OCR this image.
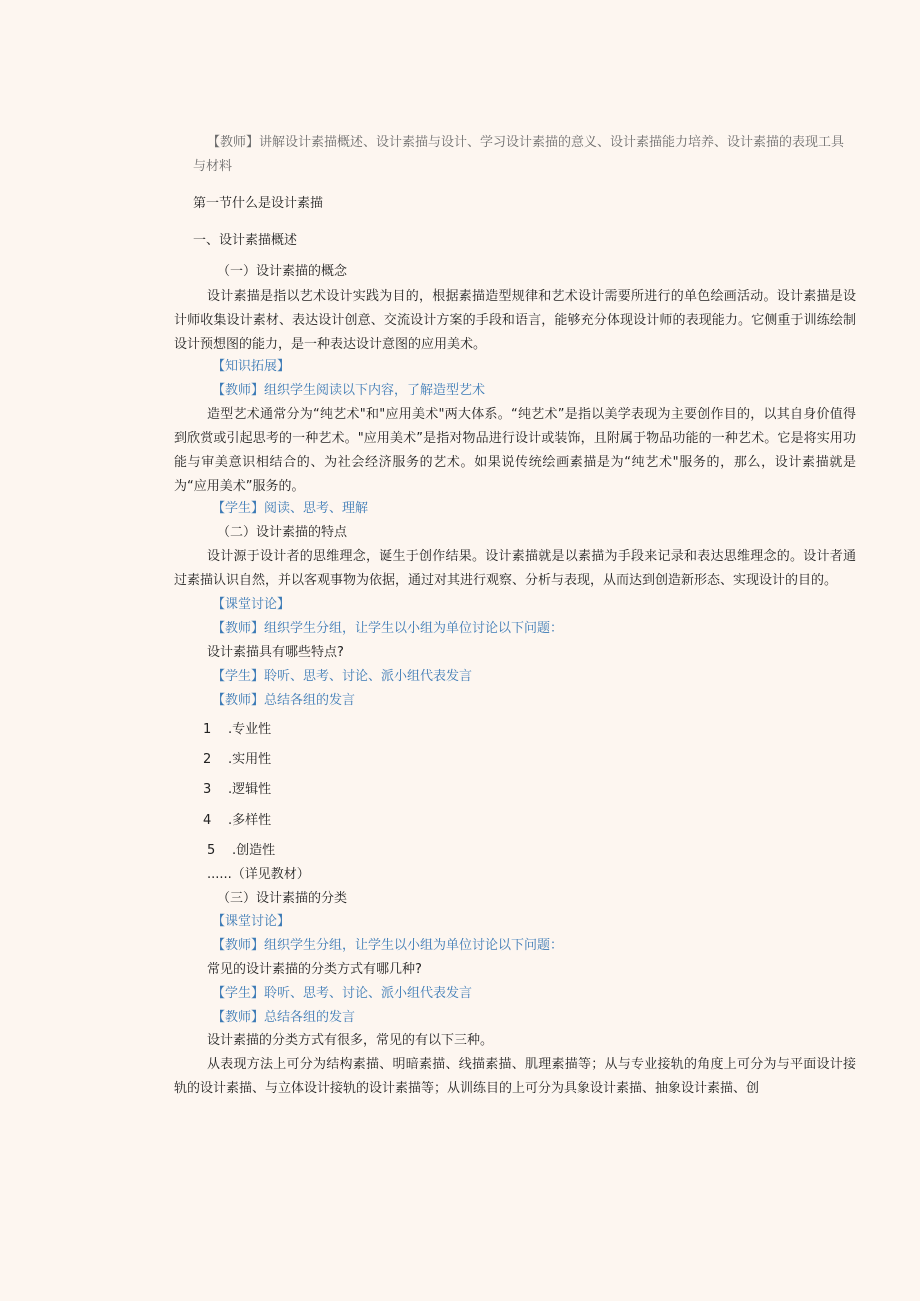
【教师】讲解设计素描概述、设计素描与设计、学习设计素描的意义、设计素描能力培养、设计素描的表现工具
与材料
第一节什么是设计素描
一、设计素描概述
（一）设计素描的概念
设计素描是指以艺术设计实践为目的，根据素描造型规律和艺术设计需要所进行的单色绘画活动。设计素描是设计师收集设计素材、表达设计创意、交流设计方案的手段和语言，能够充分体现设计师的表现能力。它侧重于训练绘制设计预想图的能力，是一种表达设计意图的应用美术。
【知识拓展】
【教师】组织学生阅读以下内容，了解造型艺术
造型艺术通常分为“纯艺术"和"应用美术"两大体系。“纯艺术”是指以美学表现为主要创作目的，以其自身价值得到欣赏或引起思考的一种艺术。"应用美术”是指对物品进行设计或装饰，且附属于物品功能的一种艺术。它是将实用功能与审美意识相结合的、为社会经济服务的艺术。如果说传统绘画素描是为“纯艺术"服务的，那么，设计素描就是为“应用美术”服务的。
【学生】阅读、思考、理解
（二）设计素描的特点
设计源于设计者的思维理念，诞生于创作结果。设计素描就是以素描为手段来记录和表达思维理念的。设计者通过素描认识自然，并以客观事物为依据，通过对其进行观察、分析与表现，从而达到创造新形态、实现设计的目的。
【课堂讨论】
【教师】组织学生分组，让学生以小组为单位讨论以下问题：
设计素描具有哪些特点?
【学生】聆听、思考、讨论、派小组代表发言
【教师】总结各组的发言
1 .专业性
2 .实用性
3 .逻辑性
4 .多样性
5 .创造性
......（详见教材）
（三）设计素描的分类
【课堂讨论】
【教师】组织学生分组，让学生以小组为单位讨论以下问题：
常见的设计素描的分类方式有哪几种?
【学生】聆听、思考、讨论、派小组代表发言
【教师】总结各组的发言
设计素描的分类方式有很多，常见的有以下三种。
从表现方法上可分为结构素描、明暗素描、线描素描、肌理素描等；从与专业接轨的角度上可分为与平面设计接轨的设计素描、与立体设计接轨的设计素描等；从训练目的上可分为具象设计素描、抽象设计素描、创
